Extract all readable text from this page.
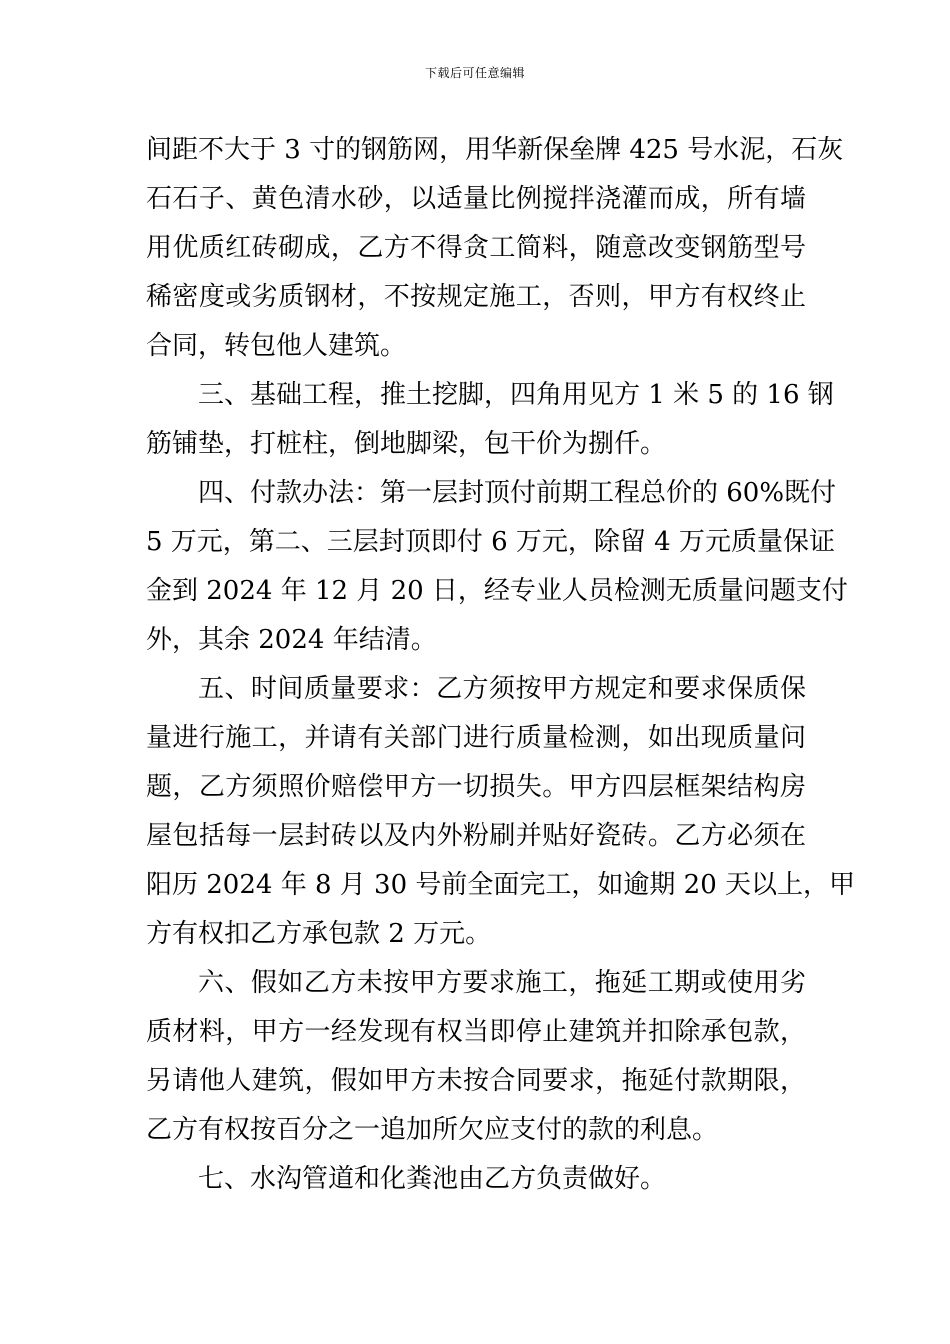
下载后可任意编辑
间距不大于 3 寸的钢筋网，用华新保垒牌 425 号水泥，石灰
石石子、黄色清水砂，以适量比例搅拌浇灌而成，所有墙
用优质红砖砌成，乙方不得贪工简料，随意改变钢筋型号
稀密度或劣质钢材，不按规定施工，否则，甲方有权终止
合同，转包他人建筑。
三、基础工程，推土挖脚，四角用见方 1 米 5 的 16 钢
筋铺垫，打桩柱，倒地脚梁，包干价为捌仟。
四、付款办法：第一层封顶付前期工程总价的 60%既付
5 万元，第二、三层封顶即付 6 万元，除留 4 万元质量保证
金到 2024 年 12 月 20 日，经专业人员检测无质量问题支付
外，其余 2024 年结清。
五、时间质量要求：乙方须按甲方规定和要求保质保
量进行施工，并请有关部门进行质量检测，如出现质量问
题，乙方须照价赔偿甲方一切损失。甲方四层框架结构房
屋包括每一层封砖以及内外粉刷并贴好瓷砖。乙方必须在
阳历 2024 年 8 月 30 号前全面完工，如逾期 20 天以上，甲
方有权扣乙方承包款 2 万元。
六、假如乙方未按甲方要求施工，拖延工期或使用劣
质材料，甲方一经发现有权当即停止建筑并扣除承包款，
另请他人建筑，假如甲方未按合同要求，拖延付款期限，
乙方有权按百分之一追加所欠应支付的款的利息。
七、水沟管道和化粪池由乙方负责做好。
